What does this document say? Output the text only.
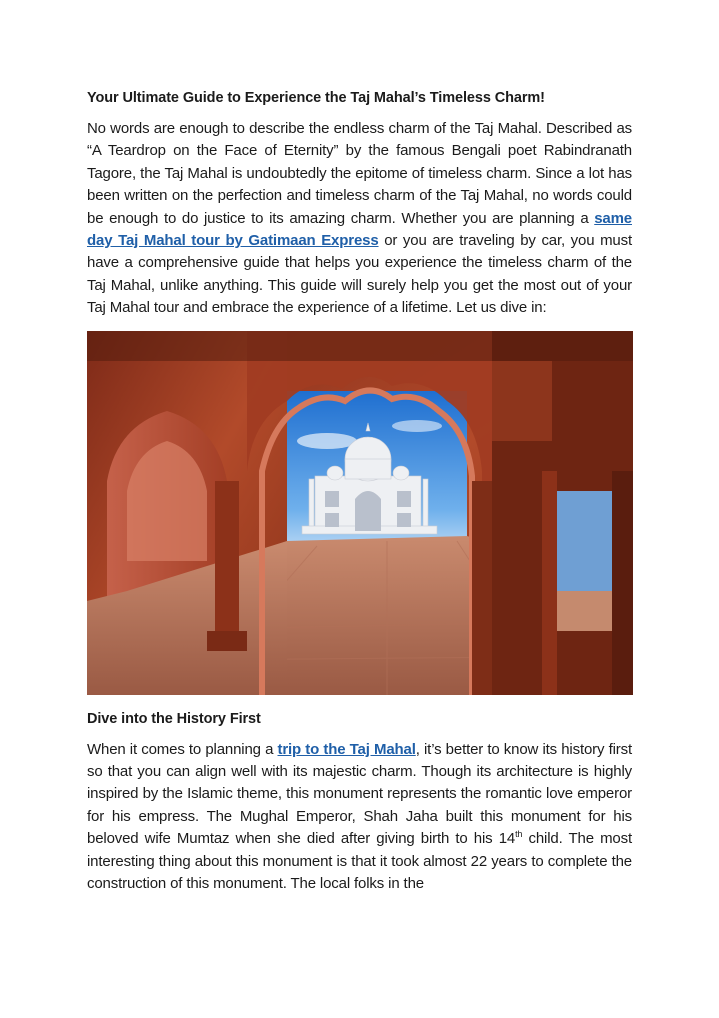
Your Ultimate Guide to Experience the Taj Mahal’s Timeless Charm!

No words are enough to describe the endless charm of the Taj Mahal. Described as “A Teardrop on the Face of Eternity” by the famous Bengali poet Rabindranath Tagore, the Taj Mahal is undoubtedly the epitome of timeless charm. Since a lot has been written on the perfection and timeless charm of the Taj Mahal, no words could be enough to do justice to its amazing charm. Whether you are planning a same day Taj Mahal tour by Gatimaan Express or you are traveling by car, you must have a comprehensive guide that helps you experience the timeless charm of the Taj Mahal, unlike anything. This guide will surely help you get the most out of your Taj Mahal tour and embrace the experience of a lifetime. Let us dive in:

Dive into the History First

When it comes to planning a trip to the Taj Mahal, it’s better to know its history first so that you can align well with its majestic charm. Though its architecture is highly inspired by the Islamic theme, this monument represents the romantic love emperor for his empress. The Mughal Emperor, Shah Jaha built this monument for his beloved wife Mumtaz when she died after giving birth to his 14th child. The most interesting thing about this monument is that it took almost 22 years to complete the construction of this monument. The local folks in the
